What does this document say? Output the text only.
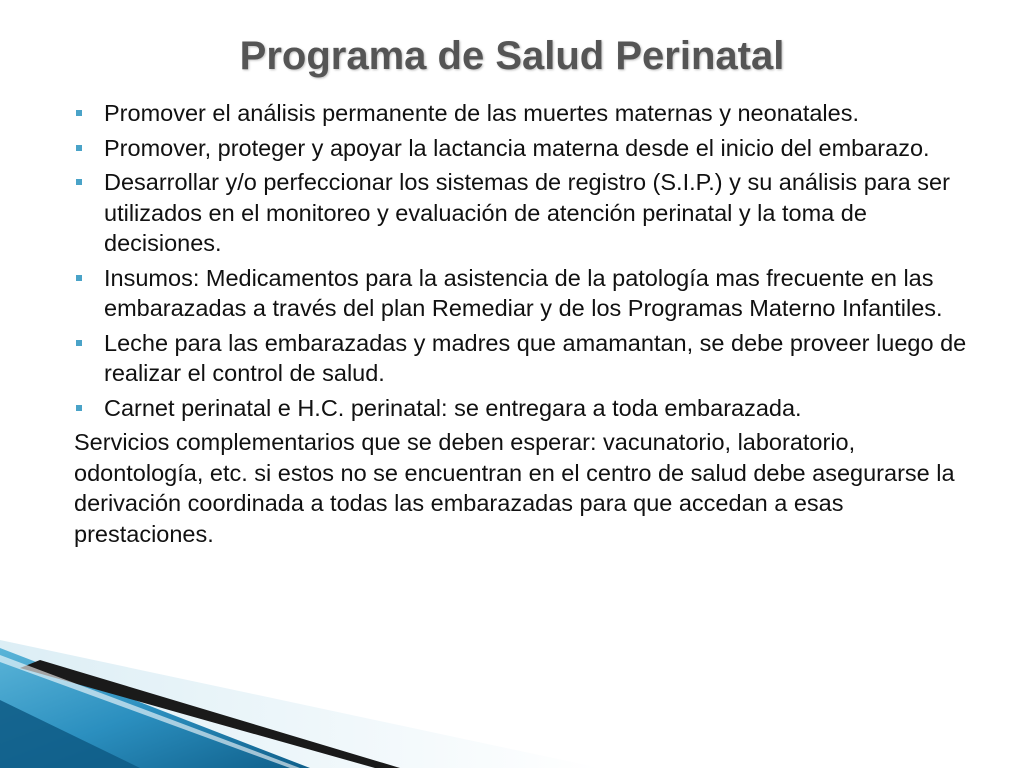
Programa de Salud Perinatal
Promover el análisis permanente de las muertes maternas y neonatales.
Promover, proteger y apoyar la lactancia materna desde el inicio del embarazo.
Desarrollar y/o perfeccionar los sistemas de registro (S.I.P.) y su análisis para ser utilizados en el monitoreo y evaluación de atención perinatal y la toma de decisiones.
Insumos: Medicamentos para la asistencia de la patología mas frecuente en las embarazadas a través del plan Remediar y de los Programas Materno Infantiles.
Leche para las embarazadas y madres que amamantan, se debe proveer luego de realizar el control de salud.
Carnet perinatal e H.C. perinatal: se entregara a toda embarazada.

Servicios complementarios que se deben esperar: vacunatorio, laboratorio, odontología, etc. si estos no se encuentran en el centro de salud debe asegurarse la derivación coordinada a todas las embarazadas para que accedan a esas prestaciones.
